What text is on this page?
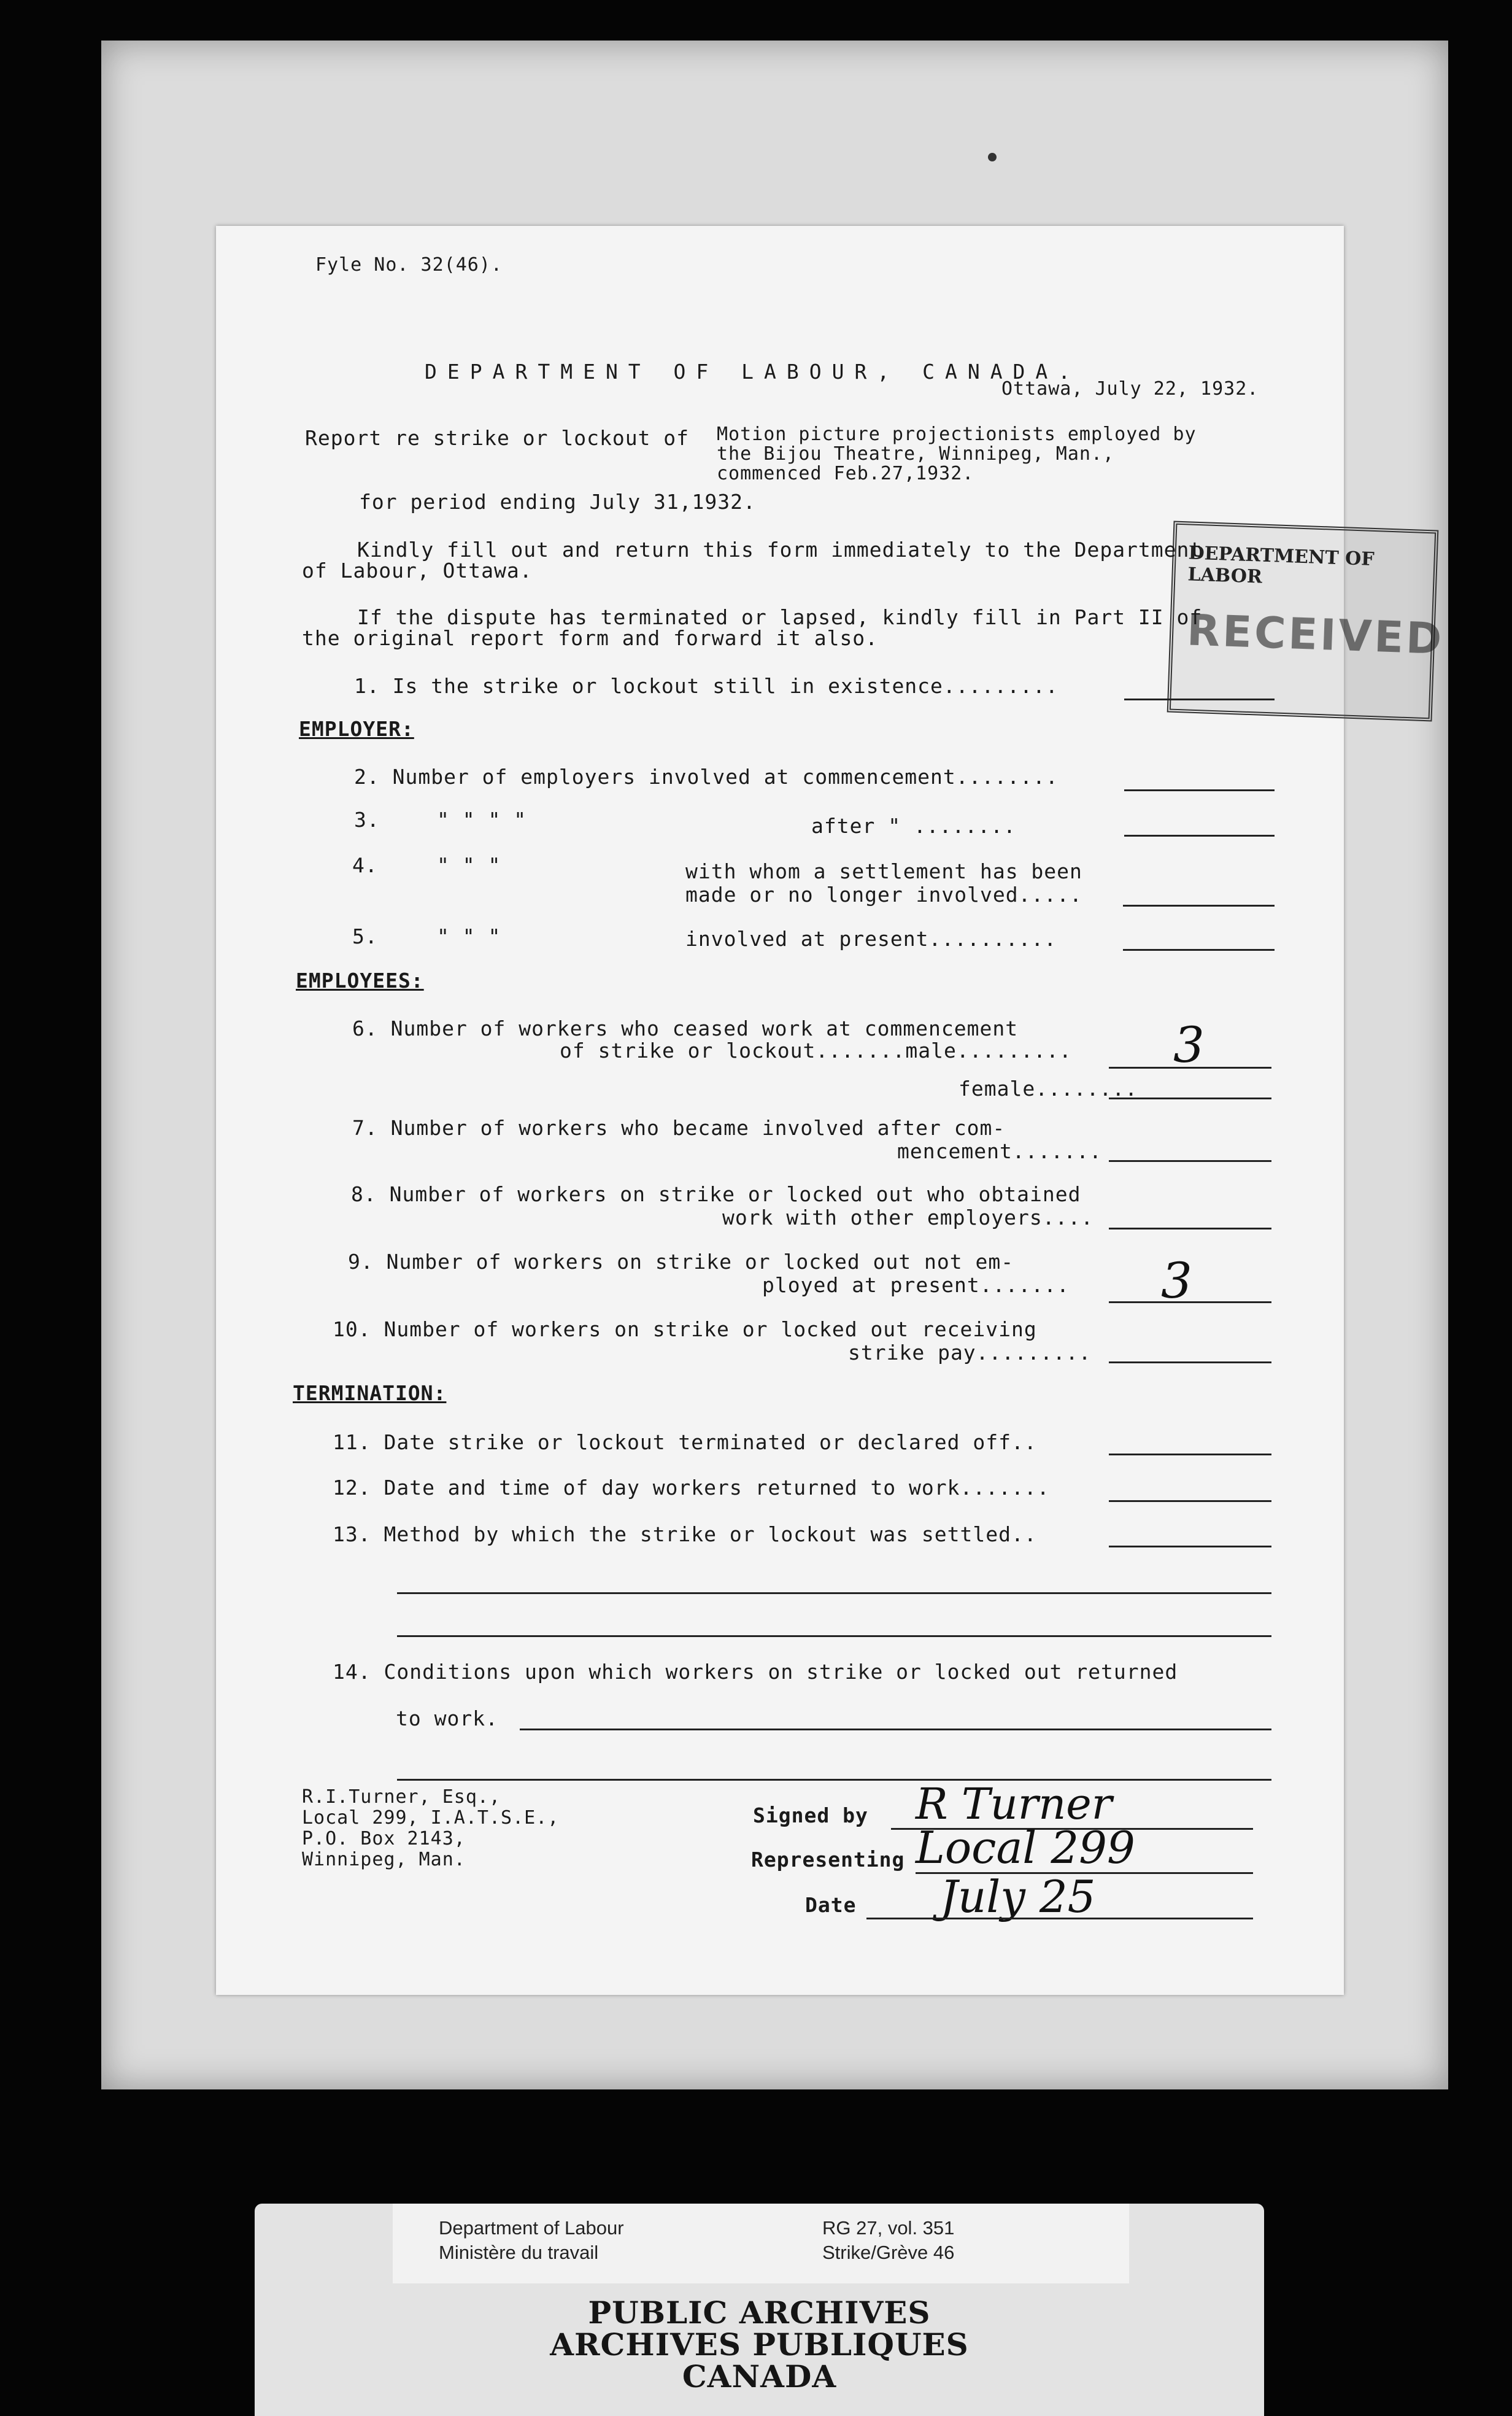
Fyle No. 32(46).
DEPARTMENT OF LABOUR, CANADA.
Ottawa, July 22, 1932.
DEPARTMENT OF LABOR
RECEIVED
Report re strike or lockout of Motion picture projectionists employed by
the Bijou Theatre, Winnipeg, Man.,
commenced Feb.27,1932.
for period ending July 31,1932.
Kindly fill out and return this form immediately to the Department
of Labour, Ottawa.
If the dispute has terminated or lapsed, kindly fill in Part II of
the original report form and forward it also.
1. Is the strike or lockout still in existence.........
EMPLOYER:
2. Number of employers involved at commencement........
3.	" " " "	after " ........
4.	" " "	with whom a settlement has been
made or no longer involved.....
5.	" " "	involved at present..........
EMPLOYEES:
6. Number of workers who ceased work at commencement
of strike or lockout.......male......... 3
female........
7. Number of workers who became involved after com-
mencement.......
8. Number of workers on strike or locked out who obtained
work with other employers....
9. Number of workers on strike or locked out not em-
ployed at present....... 3
10. Number of workers on strike or locked out receiving
strike pay.........
TERMINATION:
11. Date strike or lockout terminated or declared off..
12. Date and time of day workers returned to work.......
13. Method by which the strike or lockout was settled..
14. Conditions upon which workers on strike or locked out returned
to work.
R.I.Turner, Esq.,
Local 299, I.A.T.S.E.,
P.O. Box 2143,
Winnipeg, Man.
Signed by R Turner
Representing Local 299
Date July 25
Department of Labour
Ministère du travail
RG 27, vol. 351
Strike/Grève 46
PUBLIC ARCHIVES
ARCHIVES PUBLIQUES
CANADA
